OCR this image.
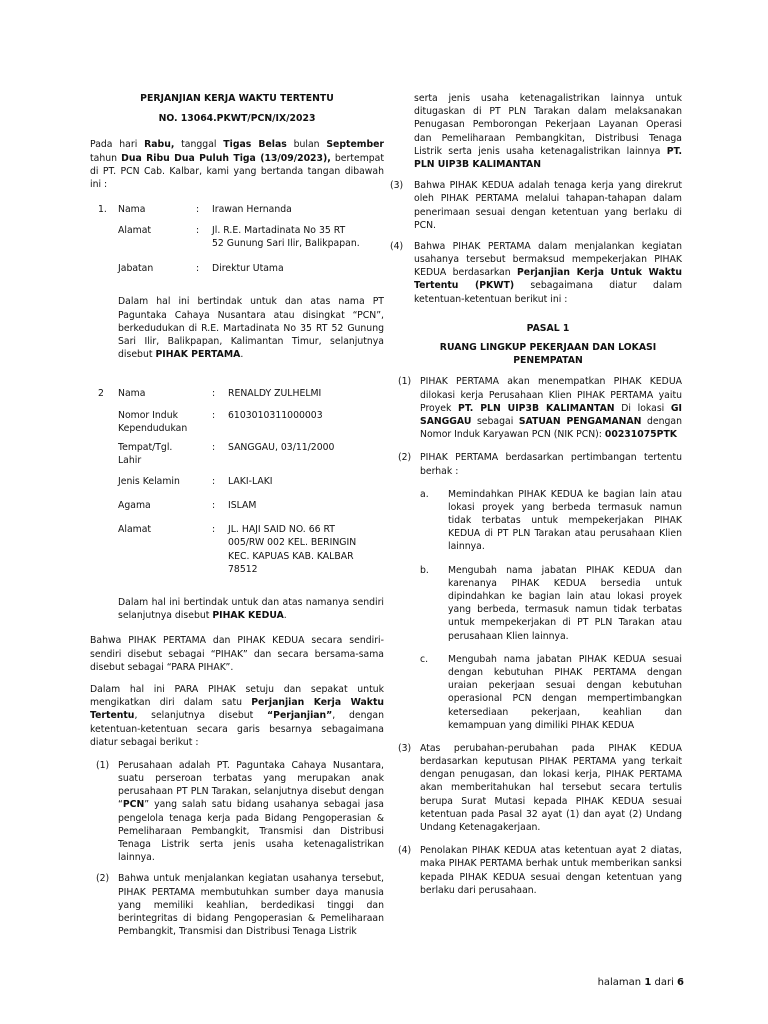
PERJANJIAN KERJA WAKTU TERTENTU
NO. 13064.PKWT/PCN/IX/2023
Pada hari Rabu, tanggal Tigas Belas bulan September tahun Dua Ribu Dua Puluh Tiga (13/09/2023), bertempat di PT. PCN Cab. Kalbar, kami yang bertanda tangan dibawah ini :
1.	Nama	:	Irawan Hernanda
	Alamat	:	Jl. R.E. Martadinata No 35 RT
52 Gunung Sari Ilir, Balikpapan.

	Jabatan	:	Direktur Utama
Dalam hal ini bertindak untuk dan atas nama PT Paguntaka Cahaya Nusantara atau disingkat “PCN”, berkedudukan di R.E. Martadinata No 35 RT 52 Gunung Sari Ilir, Balikpapan, Kalimantan Timur, selanjutnya disebut PIHAK PERTAMA.
2	Nama	:	RENALDY ZULHELMI

	Nomor Induk
Kependudukan	:	6103010311000003

	Tempat/Tgl.
Lahir	:	SANGGAU, 03/11/2000
	Jenis Kelamin	:	LAKI-LAKI
	Agama	:	ISLAM
	Alamat	:	JL. HAJI SAID NO. 66 RT
005/RW 002 KEL. BERINGIN
KEC. KAPUAS KAB. KALBAR
78512
Dalam hal ini bertindak untuk dan atas namanya sendiri selanjutnya disebut PIHAK KEDUA.
Bahwa PIHAK PERTAMA dan PIHAK KEDUA secara sendiri-sendiri disebut sebagai “PIHAK” dan secara bersama-sama disebut sebagai “PARA PIHAK”.
Dalam hal ini PARA PIHAK setuju dan sepakat untuk mengikatkan diri dalam satu Perjanjian Kerja Waktu Tertentu, selanjutnya disebut “Perjanjian”, dengan ketentuan-ketentuan secara garis besarnya sebagaimana diatur sebagai berikut :
(1) Perusahaan adalah PT. Paguntaka Cahaya Nusantara, suatu perseroan terbatas yang merupakan anak perusahaan PT PLN Tarakan, selanjutnya disebut dengan “PCN” yang salah satu bidang usahanya sebagai jasa pengelola tenaga kerja pada Bidang Pengoperasian & Pemeliharaan Pembangkit, Transmisi dan Distribusi Tenaga Listrik serta jenis usaha ketenagalistrikan lainnya.
(2) Bahwa untuk menjalankan kegiatan usahanya tersebut, PIHAK PERTAMA membutuhkan sumber daya manusia yang memiliki keahlian, berdedikasi tinggi dan berintegritas di bidang Pengoperasian & Pemeliharaan Pembangkit, Transmisi dan Distribusi Tenaga Listrik
serta jenis usaha ketenagalistrikan lainnya untuk ditugaskan di PT PLN Tarakan dalam melaksanakan Penugasan Pemborongan Pekerjaan Layanan Operasi dan Pemeliharaan Pembangkitan, Distribusi Tenaga Listrik serta jenis usaha ketenagalistrikan lainnya PT. PLN UIP3B KALIMANTAN
(3) Bahwa PIHAK KEDUA adalah tenaga kerja yang direkrut oleh PIHAK PERTAMA melalui tahapan-tahapan dalam penerimaan sesuai dengan ketentuan yang berlaku di PCN.
(4) Bahwa PIHAK PERTAMA dalam menjalankan kegiatan usahanya tersebut bermaksud mempekerjakan PIHAK KEDUA berdasarkan Perjanjian Kerja Untuk Waktu Tertentu (PKWT) sebagaimana diatur dalam ketentuan-ketentuan berikut ini :
PASAL 1
RUANG LINGKUP PEKERJAAN DAN LOKASI
PENEMPATAN
(1) PIHAK PERTAMA akan menempatkan PIHAK KEDUA dilokasi kerja Perusahaan Klien PIHAK PERTAMA yaitu Proyek PT. PLN UIP3B KALIMANTAN Di lokasi GI SANGGAU sebagai SATUAN PENGAMANAN dengan Nomor Induk Karyawan PCN (NIK PCN): 00231075PTK
(2) PIHAK PERTAMA berdasarkan pertimbangan tertentu berhak :
a. Memindahkan PIHAK KEDUA ke bagian lain atau lokasi proyek yang berbeda termasuk namun tidak terbatas untuk mempekerjakan PIHAK KEDUA di PT PLN Tarakan atau perusahaan Klien lainnya.
b. Mengubah nama jabatan PIHAK KEDUA dan karenanya PIHAK KEDUA bersedia untuk dipindahkan ke bagian lain atau lokasi proyek yang berbeda, termasuk namun tidak terbatas untuk mempekerjakan di PT PLN Tarakan atau perusahaan Klien lainnya.
c. Mengubah nama jabatan PIHAK KEDUA sesuai dengan kebutuhan PIHAK PERTAMA dengan uraian pekerjaan sesuai dengan kebutuhan operasional PCN dengan mempertimbangkan ketersediaan pekerjaan, keahlian dan kemampuan yang dimiliki PIHAK KEDUA
(3) Atas perubahan-perubahan pada PIHAK KEDUA berdasarkan keputusan PIHAK PERTAMA yang terkait dengan penugasan, dan lokasi kerja, PIHAK PERTAMA akan memberitahukan hal tersebut secara tertulis berupa Surat Mutasi kepada PIHAK KEDUA sesuai ketentuan pada Pasal 32 ayat (1) dan ayat (2) Undang Undang Ketenagakerjaan.
(4) Penolakan PIHAK KEDUA atas ketentuan ayat 2 diatas, maka PIHAK PERTAMA berhak untuk memberikan sanksi kepada PIHAK KEDUA sesuai dengan ketentuan yang berlaku dari perusahaan.
halaman 1 dari 6
